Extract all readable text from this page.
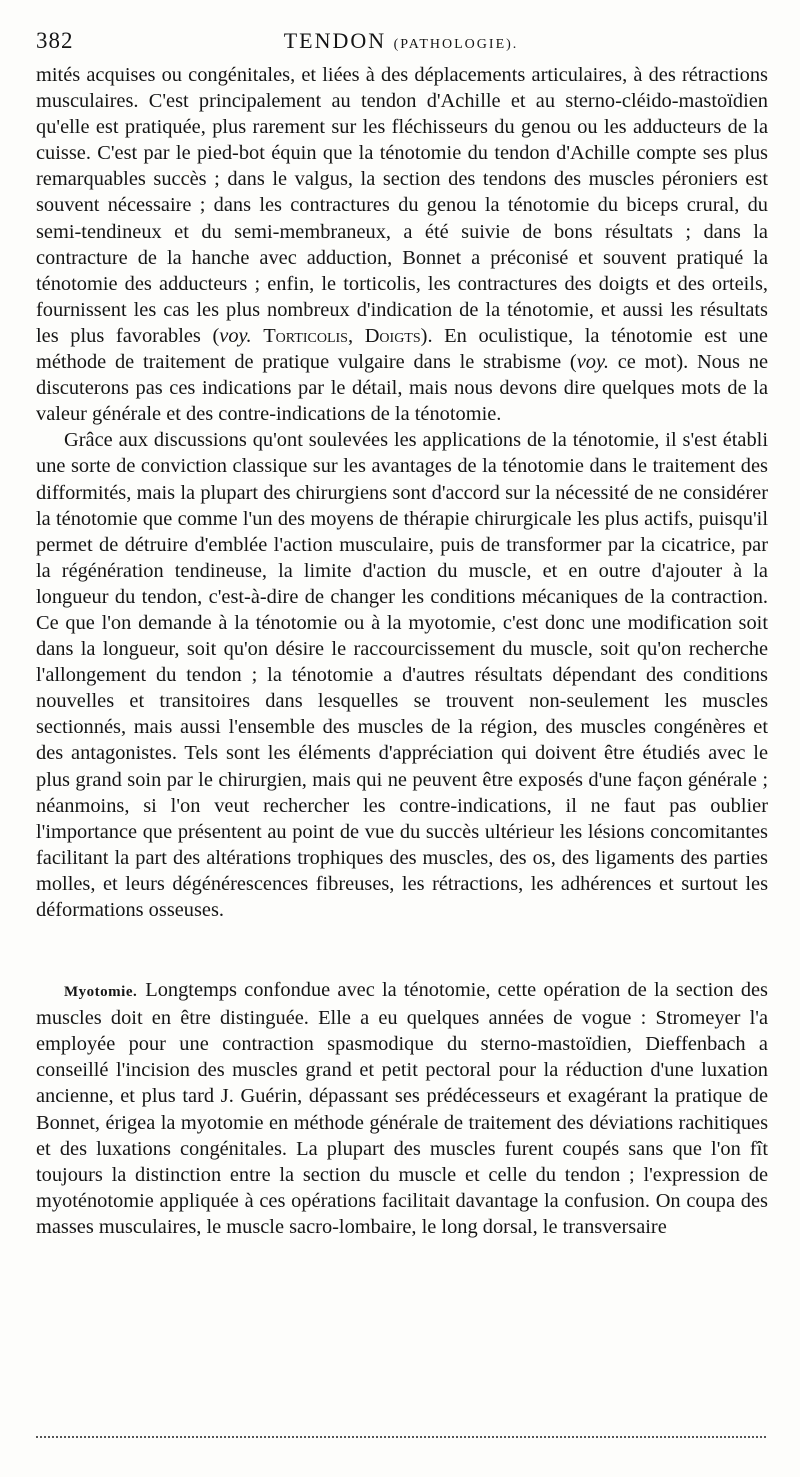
382	TENDON (PATHOLOGIE).

mités acquises ou congénitales, et liées à des déplacements articulaires, à des rétractions musculaires. C'est principalement au tendon d'Achille et au sterno-cléido-mastoïdien qu'elle est pratiquée, plus rarement sur les fléchisseurs du genou ou les adducteurs de la cuisse. C'est par le pied-bot équin que la ténotomie du tendon d'Achille compte ses plus remarquables succès ; dans le valgus, la section des tendons des muscles péroniers est souvent nécessaire ; dans les contractures du genou la ténotomie du biceps crural, du semi-tendineux et du semi-membraneux, a été suivie de bons résultats ; dans la contracture de la hanche avec adduction, Bonnet a préconisé et souvent pratiqué la ténotomie des adducteurs ; enfin, le torticolis, les contractures des doigts et des orteils, fournissent les cas les plus nombreux d'indication de la ténotomie, et aussi les résultats les plus favorables (voy. Torticolis, Doigts). En oculistique, la ténotomie est une méthode de traitement de pratique vulgaire dans le strabisme (voy. ce mot). Nous ne discuterons pas ces indications par le détail, mais nous devons dire quelques mots de la valeur générale et des contre-indications de la ténotomie.

Grâce aux discussions qu'ont soulevées les applications de la ténotomie, il s'est établi une sorte de conviction classique sur les avantages de la ténotomie dans le traitement des difformités, mais la plupart des chirurgiens sont d'accord sur la nécessité de ne considérer la ténotomie que comme l'un des moyens de thérapie chirurgicale les plus actifs, puisqu'il permet de détruire d'emblée l'action musculaire, puis de transformer par la cicatrice, par la régénération tendineuse, la limite d'action du muscle, et en outre d'ajouter à la longueur du tendon, c'est-à-dire de changer les conditions mécaniques de la contraction. Ce que l'on demande à la ténotomie ou à la myotomie, c'est donc une modification soit dans la longueur, soit qu'on désire le raccourcissement du muscle, soit qu'on recherche l'allongement du tendon ; la ténotomie a d'autres résultats dépendant des conditions nouvelles et transitoires dans lesquelles se trouvent non-seulement les muscles sectionnés, mais aussi l'ensemble des muscles de la région, des muscles congénères et des antagonistes. Tels sont les éléments d'appréciation qui doivent être étudiés avec le plus grand soin par le chirurgien, mais qui ne peuvent être exposés d'une façon générale ; néanmoins, si l'on veut rechercher les contre-indications, il ne faut pas oublier l'importance que présentent au point de vue du succès ultérieur les lésions concomitantes facilitant la part des altérations trophiques des muscles, des os, des ligaments des parties molles, et leurs dégénérescences fibreuses, les rétractions, les adhérences et surtout les déformations osseuses.

Myotomie. Longtemps confondue avec la ténotomie, cette opération de la section des muscles doit en être distinguée. Elle a eu quelques années de vogue : Stromeyer l'a employée pour une contraction spasmodique du sterno-mastoïdien, Dieffenbach a conseillé l'incision des muscles grand et petit pectoral pour la réduction d'une luxation ancienne, et plus tard J. Guérin, dépassant ses prédécesseurs et exagérant la pratique de Bonnet, érigea la myotomie en méthode générale de traitement des déviations rachitiques et des luxations congénitales. La plupart des muscles furent coupés sans que l'on fît toujours la distinction entre la section du muscle et celle du tendon ; l'expression de myoténotomie appliquée à ces opérations facilitait davantage la confusion. On coupa des masses musculaires, le muscle sacro-lombaire, le long dorsal, le transversaire
